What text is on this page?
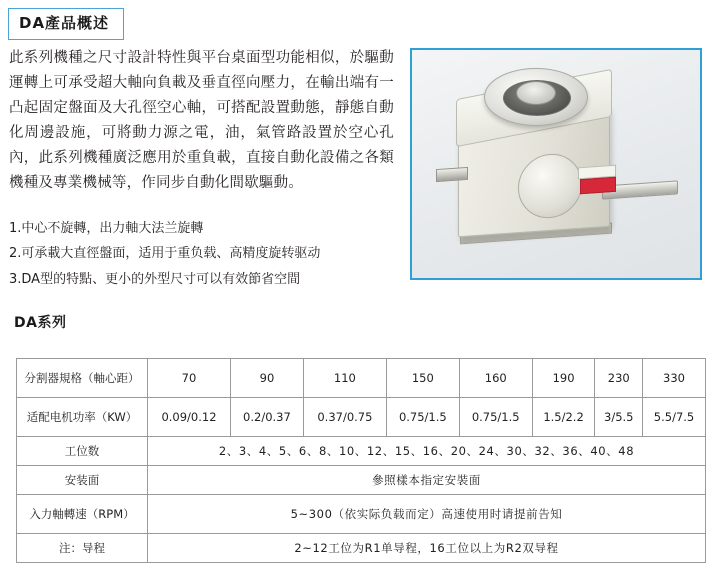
DA產品概述
此系列機種之尺寸設計特性與平台桌面型功能相似，於驅動運轉上可承受超大軸向負載及垂直徑向壓力，在輸出端有一凸起固定盤面及大孔徑空心軸，可搭配設置動態，靜態自動化周邊設施，可將動力源之電，油，氣管路設置於空心孔內，此系列機種廣泛應用於重負載，直接自動化設備之各類機種及專業機械等，作同步自動化間歇驅動。
1.中心不旋轉，出力軸大法兰旋轉
2.可承載大直徑盤面，适用于重负载、高精度旋转驱动
3.DA型的特點、更小的外型尺寸可以有效節省空間
DA系列
分割器規格（軸心距）	70	90	110	150	160	190	230	330
适配电机功率（KW）	0.09/0.12	0.2/0.37	0.37/0.75	0.75/1.5	0.75/1.5	1.5/2.2	3/5.5	5.5/7.5
工位数	2、3、4、5、6、8、10、12、15、16、20、24、30、32、36、40、48							
安装面	參照樣本指定安裝面							
入力軸轉速（RPM）	5~300（依实际负载而定）高速使用时请提前告知							
注：导程	2~12工位为R1单导程，16工位以上为R2双导程							
